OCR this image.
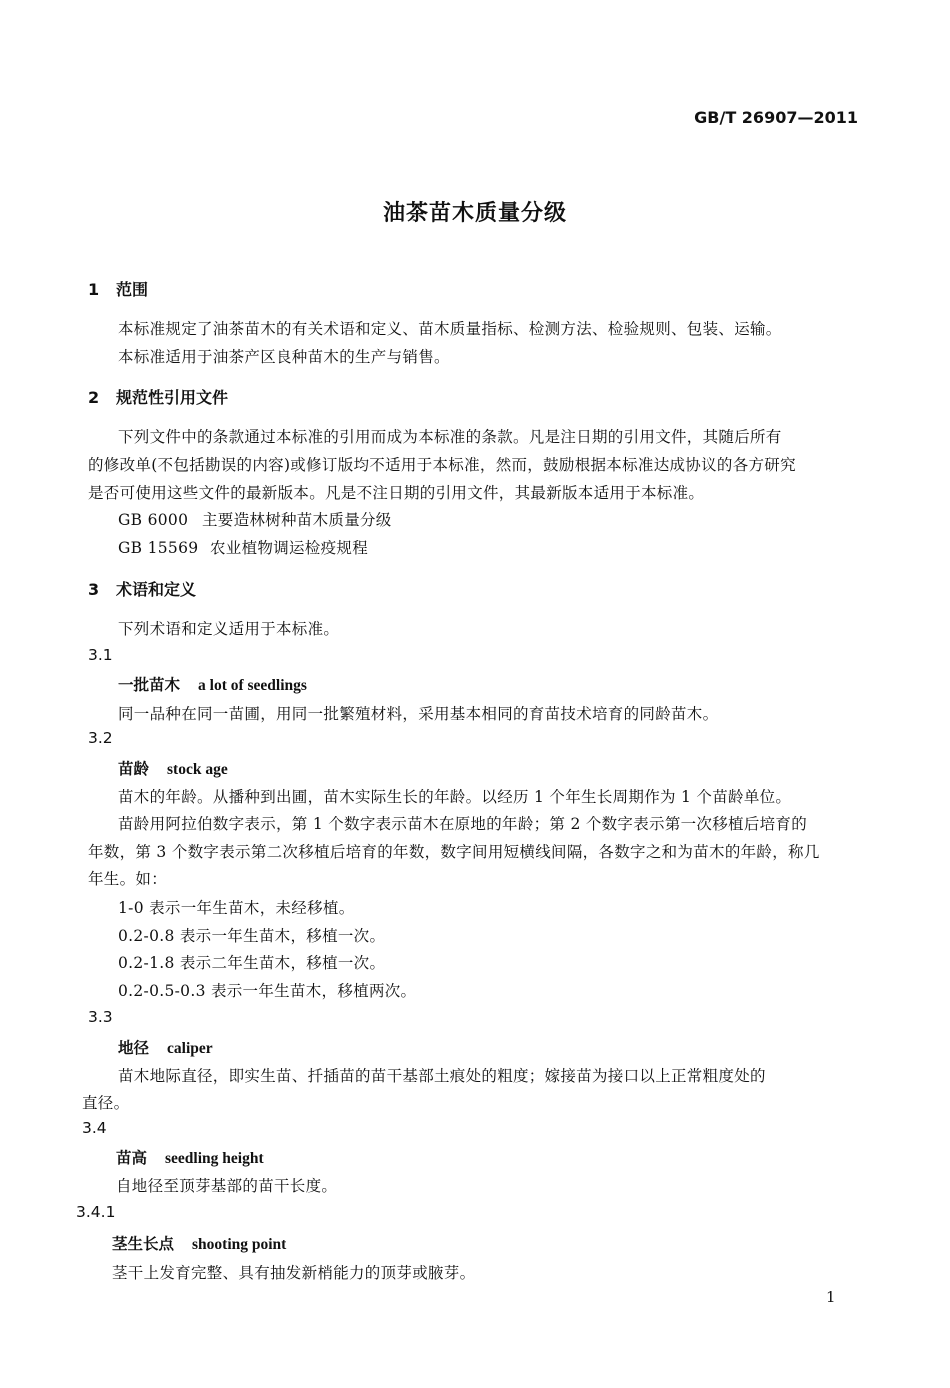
GB/T 26907—2011
油茶苗木质量分级
1 范围
本标准规定了油茶苗木的有关术语和定义、苗木质量指标、检测方法、检验规则、包装、运输。
本标准适用于油茶产区良种苗木的生产与销售。
2 规范性引用文件
下列文件中的条款通过本标准的引用而成为本标准的条款。凡是注日期的引用文件，其随后所有
的修改单(不包括勘误的内容)或修订版均不适用于本标准，然而，鼓励根据本标准达成协议的各方研究
是否可使用这些文件的最新版本。凡是不注日期的引用文件，其最新版本适用于本标准。
GB 6000 主要造林树种苗木质量分级
GB 15569 农业植物调运检疫规程
3 术语和定义
下列术语和定义适用于本标准。
3.1
一批苗木 a lot of seedlings
同一品种在同一苗圃，用同一批繁殖材料，采用基本相同的育苗技术培育的同龄苗木。
3.2
苗龄 stock age
苗木的年龄。从播种到出圃，苗木实际生长的年龄。以经历 1 个年生长周期作为 1 个苗龄单位。
苗龄用阿拉伯数字表示，第 1 个数字表示苗木在原地的年龄；第 2 个数字表示第一次移植后培育的
年数，第 3 个数字表示第二次移植后培育的年数，数字间用短横线间隔，各数字之和为苗木的年龄，称几
年生。如：
1-0 表示一年生苗木，未经移植。
0.2-0.8 表示一年生苗木，移植一次。
0.2-1.8 表示二年生苗木，移植一次。
0.2-0.5-0.3 表示一年生苗木，移植两次。
3.3
地径 caliper
苗木地际直径，即实生苗、扦插苗的苗干基部土痕处的粗度；嫁接苗为接口以上正常粗度处的
直径。
3.4
苗高 seedling height
自地径至顶芽基部的苗干长度。
3.4.1
茎生长点 shooting point
茎干上发育完整、具有抽发新梢能力的顶芽或腋芽。
1
